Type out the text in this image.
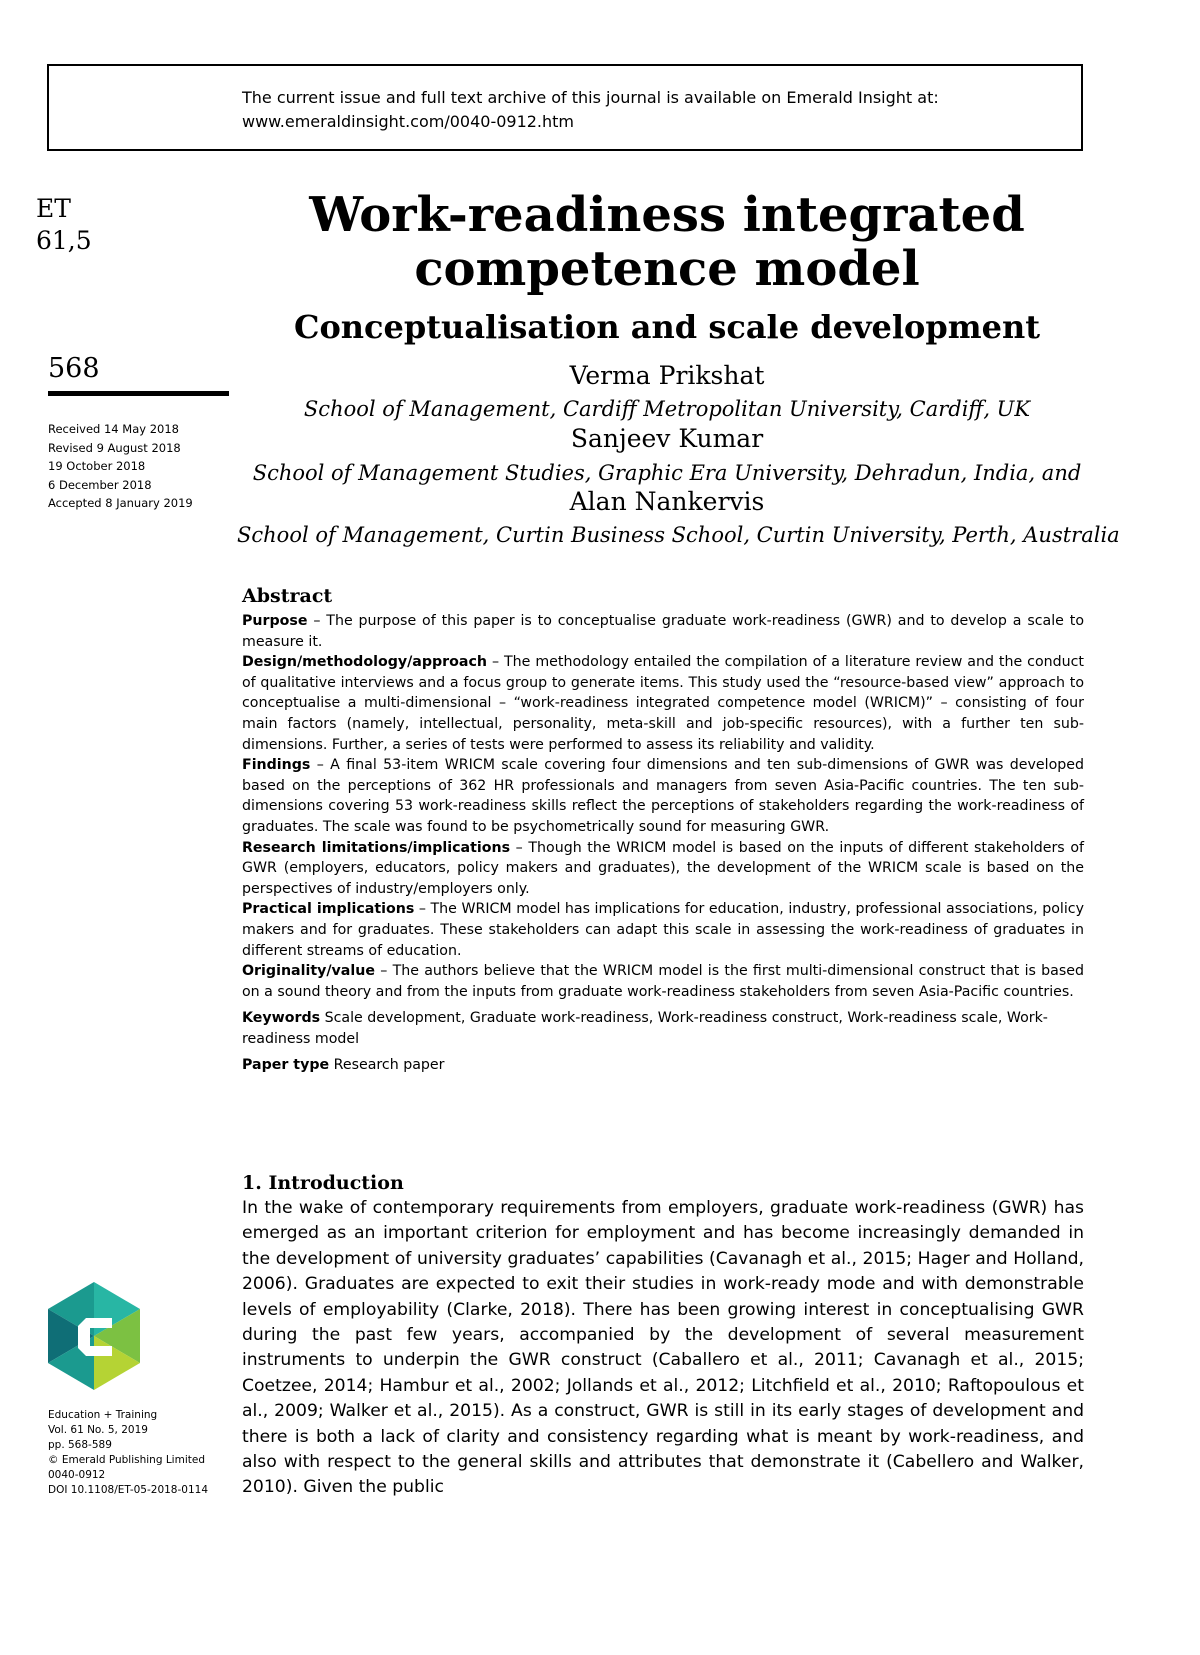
The current issue and full text archive of this journal is available on Emerald Insight at:
www.emeraldinsight.com/0040-0912.htm
ET
61,5
568
Received 14 May 2018
Revised 9 August 2018
19 October 2018
6 December 2018
Accepted 8 January 2019
Work-readiness integrated
competence model
Conceptualisation and scale development
Verma Prikshat
School of Management, Cardiff Metropolitan University, Cardiff, UK
Sanjeev Kumar
School of Management Studies, Graphic Era University, Dehradun, India, and
Alan Nankervis
School of Management, Curtin Business School, Curtin University, Perth, Australia
Abstract

Purpose – The purpose of this paper is to conceptualise graduate work-readiness (GWR) and to develop a scale to measure it.

Design/methodology/approach – The methodology entailed the compilation of a literature review and the conduct of qualitative interviews and a focus group to generate items. This study used the “resource-based view” approach to conceptualise a multi-dimensional – “work-readiness integrated competence model (WRICM)” – consisting of four main factors (namely, intellectual, personality, meta-skill and job-specific resources), with a further ten sub-dimensions. Further, a series of tests were performed to assess its reliability and validity.

Findings – A final 53-item WRICM scale covering four dimensions and ten sub-dimensions of GWR was developed based on the perceptions of 362 HR professionals and managers from seven Asia-Pacific countries. The ten sub-dimensions covering 53 work-readiness skills reflect the perceptions of stakeholders regarding the work-readiness of graduates. The scale was found to be psychometrically sound for measuring GWR.

Research limitations/implications – Though the WRICM model is based on the inputs of different stakeholders of GWR (employers, educators, policy makers and graduates), the development of the WRICM scale is based on the perspectives of industry/employers only.

Practical implications – The WRICM model has implications for education, industry, professional associations, policy makers and for graduates. These stakeholders can adapt this scale in assessing the work-readiness of graduates in different streams of education.

Originality/value – The authors believe that the WRICM model is the first multi-dimensional construct that is based on a sound theory and from the inputs from graduate work-readiness stakeholders from seven Asia-Pacific countries.

Keywords Scale development, Graduate work-readiness, Work-readiness construct, Work-readiness scale, Work-readiness model

Paper type Research paper

1. Introduction

In the wake of contemporary requirements from employers, graduate work-readiness (GWR) has emerged as an important criterion for employment and has become increasingly demanded in the development of university graduates’ capabilities (Cavanagh et al., 2015; Hager and Holland, 2006). Graduates are expected to exit their studies in work-ready mode and with demonstrable levels of employability (Clarke, 2018). There has been growing interest in conceptualising GWR during the past few years, accompanied by the development of several measurement instruments to underpin the GWR construct (Caballero et al., 2011; Cavanagh et al., 2015; Coetzee, 2014; Hambur et al., 2002; Jollands et al., 2012; Litchfield et al., 2010; Raftopoulous et al., 2009; Walker et al., 2015). As a construct, GWR is still in its early stages of development and there is both a lack of clarity and consistency regarding what is meant by work-readiness, and also with respect to the general skills and attributes that demonstrate it (Cabellero and Walker, 2010). Given the public

Education + Training
Vol. 61 No. 5, 2019
pp. 568-589
© Emerald Publishing Limited
0040-0912
DOI 10.1108/ET-05-2018-0114
